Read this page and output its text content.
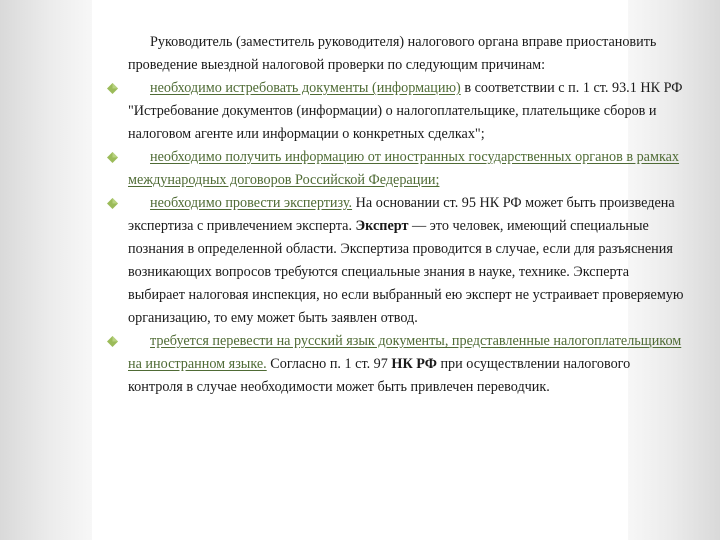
Руководитель (заместитель руководителя) налогового органа вправе приостановить проведение выездной налоговой проверки по следующим причинам:

необходимо истребовать документы (информацию) в соответствии с п. 1 ст. 93.1 НК РФ "Истребование документов (информации) о налогоплательщике, плательщике сборов и налоговом агенте или информации о конкретных сделках";

необходимо получить информацию от иностранных государственных органов в рамках международных договоров Российской Федерации;

необходимо провести экспертизу. На основании ст. 95 НК РФ может быть произведена экспертиза с привлечением эксперта. Эксперт — это человек, имеющий специальные познания в определенной области. Экспертиза проводится в случае, если для разъяснения возникающих вопросов требуются специальные знания в науке, технике. Эксперта выбирает налоговая инспекция, но если выбранный ею эксперт не устраивает проверяемую организацию, то ему может быть заявлен отвод.

требуется перевести на русский язык документы, представленные налогоплательщиком на иностранном языке. Согласно п. 1 ст. 97 НК РФ при осуществлении налогового контроля в случае необходимости может быть привлечен переводчик.
